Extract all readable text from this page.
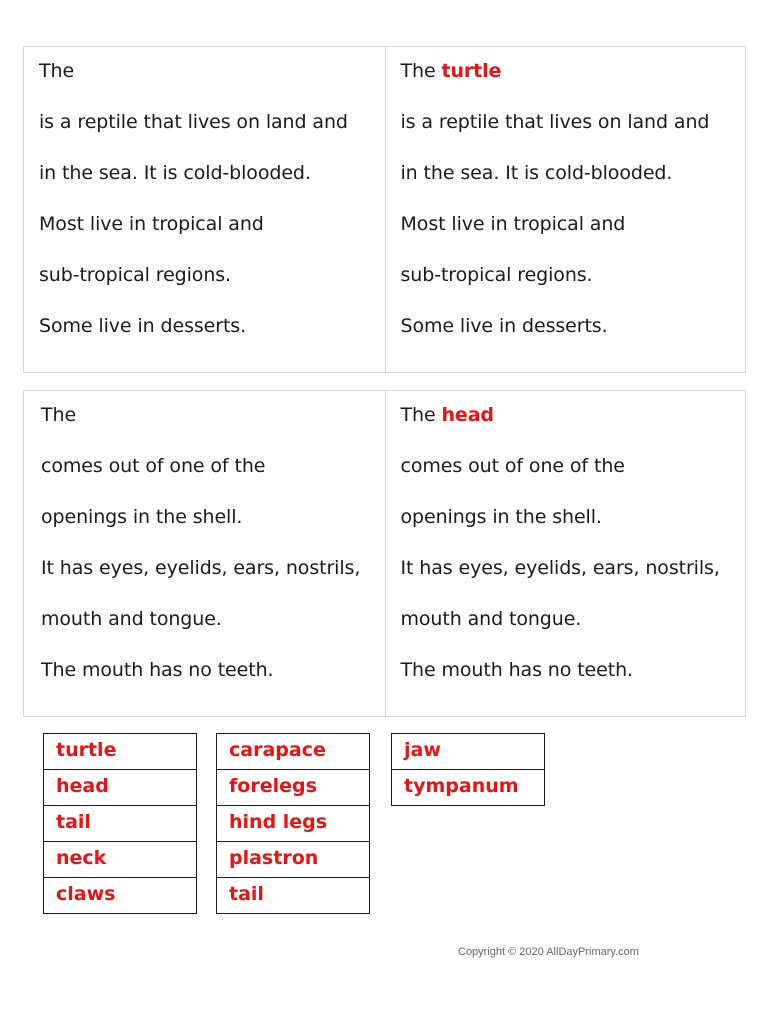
The
is a reptile that lives on land and
in the sea. It is cold-blooded.
Most live in tropical and
sub-tropical regions.
Some live in desserts.
The turtle
is a reptile that lives on land and
in the sea. It is cold-blooded.
Most live in tropical and
sub-tropical regions.
Some live in desserts.
The
comes out of one of the
openings in the shell.
It has eyes, eyelids, ears, nostrils,
mouth and tongue.
The mouth has no teeth.
The head
comes out of one of the
openings in the shell.
It has eyes, eyelids, ears, nostrils,
mouth and tongue.
The mouth has no teeth.
turtle
head
tail
neck
claws
carapace
forelegs
hind legs
plastron
tail
jaw
tympanum
Copyright © 2020 AllDayPrimary.com
